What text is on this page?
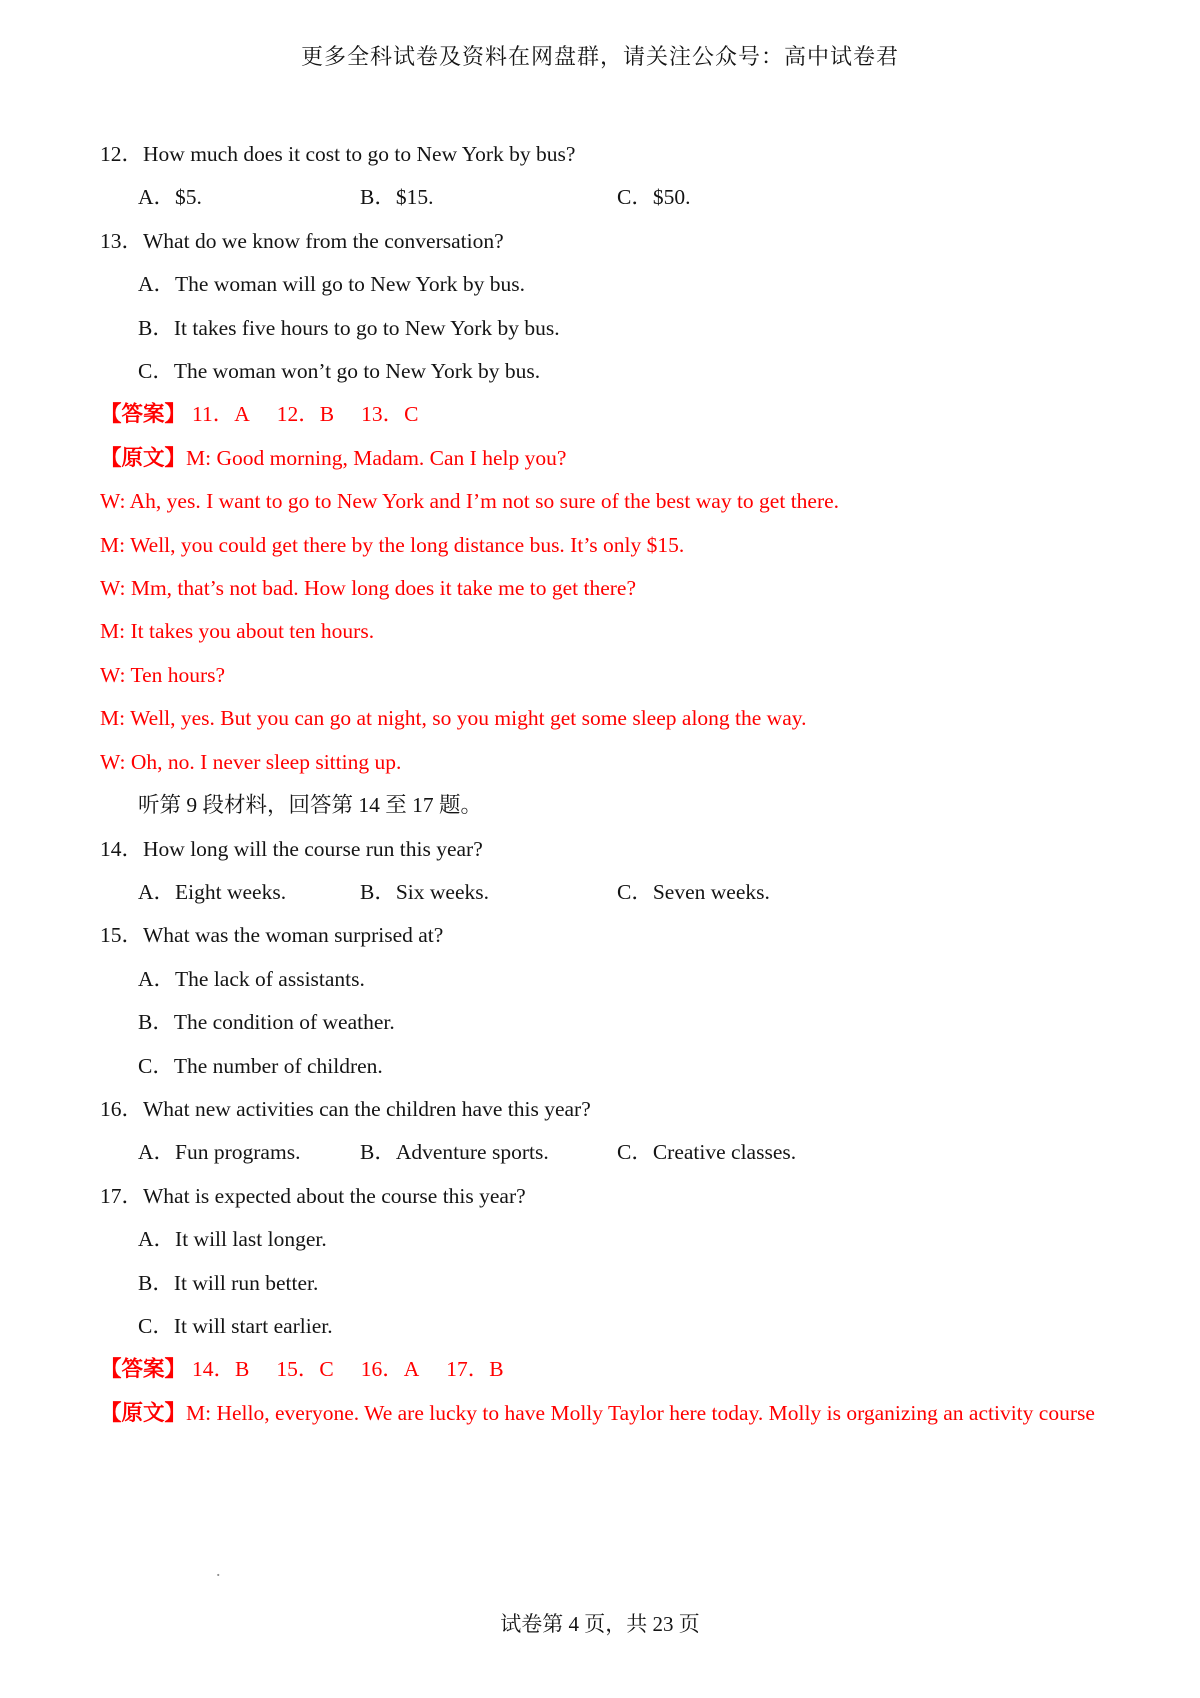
更多全科试卷及资料在网盘群，请关注公众号：高中试卷君
12．How much does it cost to go to New York by bus?
A．$5.	B．$15.	C．$50.
13．What do we know from the conversation?
A．The woman will go to New York by bus.
B．It takes five hours to go to New York by bus.
C．The woman won’t go to New York by bus.
【答案】 11．A 12．B 13．C
【原文】M: Good morning, Madam. Can I help you?
W: Ah, yes. I want to go to New York and I’m not so sure of the best way to get there.
M: Well, you could get there by the long distance bus. It’s only $15.
W: Mm, that’s not bad. How long does it take me to get there?
M: It takes you about ten hours.
W: Ten hours?
M: Well, yes. But you can go at night, so you might get some sleep along the way.
W: Oh, no. I never sleep sitting up.
听第 9 段材料，回答第 14 至 17 题。
14．How long will the course run this year?
A．Eight weeks.	B．Six weeks.	C．Seven weeks.
15．What was the woman surprised at?
A．The lack of assistants.
B．The condition of weather.
C．The number of children.
16．What new activities can the children have this year?
A．Fun programs.	B．Adventure sports.	C．Creative classes.
17．What is expected about the course this year?
A．It will last longer.
B．It will run better.
C．It will start earlier.
【答案】 14．B 15．C 16．A 17．B
【原文】M: Hello, everyone. We are lucky to have Molly Taylor here today. Molly is organizing an activity course
.
试卷第 4 页，共 23 页
